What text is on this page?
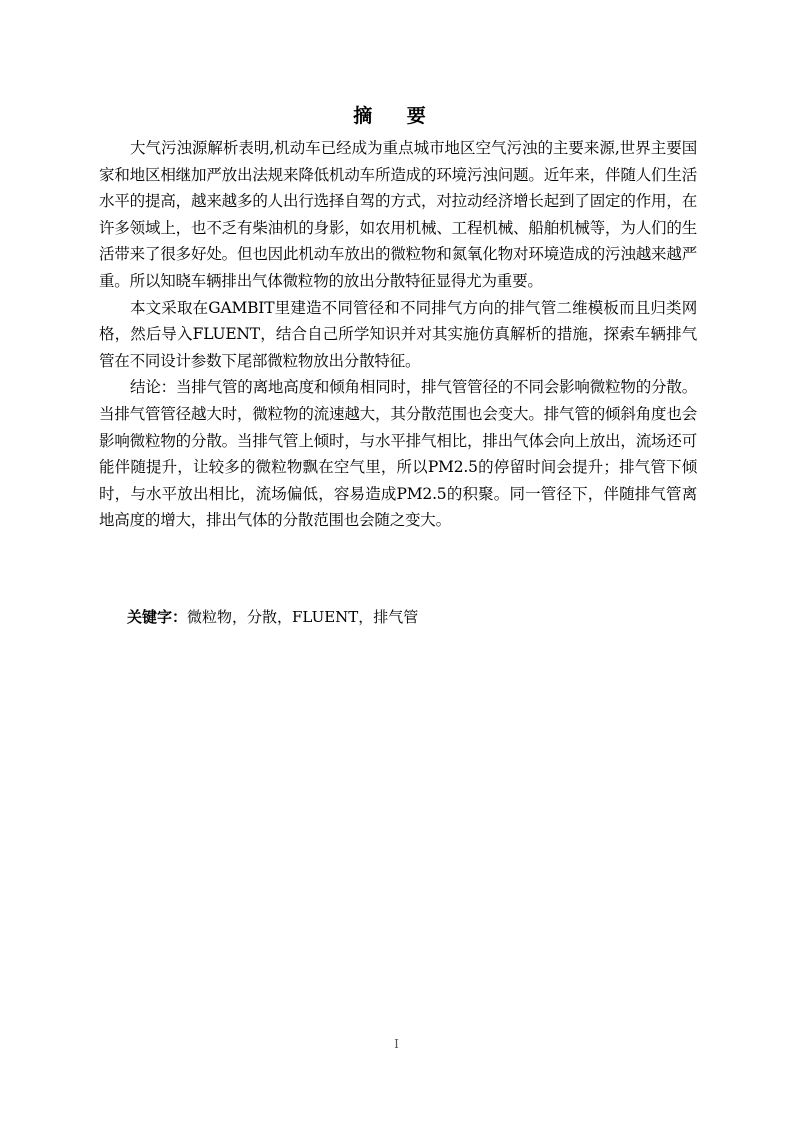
摘 要

大气污浊源解析表明,机动车已经成为重点城市地区空气污浊的主要来源,世界主要国家和地区相继加严放出法规来降低机动车所造成的环境污浊问题。近年来，伴随人们生活水平的提高，越来越多的人出行选择自驾的方式，对拉动经济增长起到了固定的作用，在许多领域上，也不乏有柴油机的身影，如农用机械、工程机械、船舶机械等，为人们的生活带来了很多好处。但也因此机动车放出的微粒物和氮氧化物对环境造成的污浊越来越严重。所以知晓车辆排出气体微粒物的放出分散特征显得尤为重要。

本文采取在GAMBIT里建造不同管径和不同排气方向的排气管二维模板而且归类网格，然后导入FLUENT，结合自己所学知识并对其实施仿真解析的措施，探索车辆排气管在不同设计参数下尾部微粒物放出分散特征。

结论：当排气管的离地高度和倾角相同时，排气管管径的不同会影响微粒物的分散。当排气管管径越大时，微粒物的流速越大，其分散范围也会变大。排气管的倾斜角度也会影响微粒物的分散。当排气管上倾时，与水平排气相比，排出气体会向上放出，流场还可能伴随提升，让较多的微粒物飘在空气里，所以PM2.5的停留时间会提升；排气管下倾时，与水平放出相比，流场偏低，容易造成PM2.5的积聚。同一管径下，伴随排气管离地高度的增大，排出气体的分散范围也会随之变大。

关键字：微粒物，分散，FLUENT，排气管
I
